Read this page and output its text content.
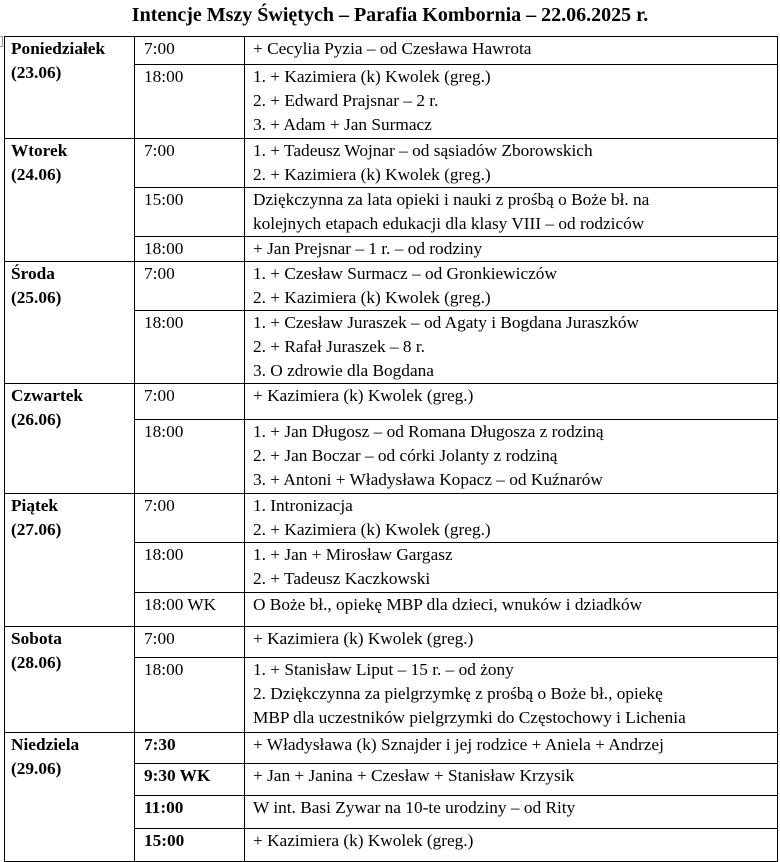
Intencje Mszy Świętych – Parafia Kombornia – 22.06.2025 r.
Poniedziałek
(23.06)	7:00	+ Cecylia Pyzia – od Czesława Hawrota

	18:00	1. + Kazimiera (k) Kwolek (greg.)
2. + Edward Prajsnar – 2 r.
3. + Adam + Jan Surmacz

Wtorek
(24.06)	7:00	1. + Tadeusz Wojnar – od sąsiadów Zborowskich
2. + Kazimiera (k) Kwolek (greg.)

	15:00	Dziękczynna za lata opieki i nauki z prośbą o Boże bł. na
kolejnych etapach edukacji dla klasy VIII – od rodziców

	18:00	+ Jan Prejsnar – 1 r. – od rodziny

Środa
(25.06)	7:00	1. + Czesław Surmacz – od Gronkiewiczów
2. + Kazimiera (k) Kwolek (greg.)

	18:00	1. + Czesław Juraszek – od Agaty i Bogdana Juraszków
2. + Rafał Juraszek – 8 r.
3. O zdrowie dla Bogdana

Czwartek
(26.06)	7:00	+ Kazimiera (k) Kwolek (greg.)

	18:00	1. + Jan Długosz – od Romana Długosza z rodziną
2. + Jan Boczar – od córki Jolanty z rodziną
3. + Antoni + Władysława Kopacz – od Kuźnarów

Piątek
(27.06)	7:00	1. Intronizacja
2. + Kazimiera (k) Kwolek (greg.)

	18:00	1. + Jan + Mirosław Gargasz
2. + Tadeusz Kaczkowski

	18:00 WK	O Boże bł., opiekę MBP dla dzieci, wnuków i dziadków

Sobota
(28.06)	7:00	+ Kazimiera (k) Kwolek (greg.)

	18:00	1. + Stanisław Liput – 15 r. – od żony
2. Dziękczynna za pielgrzymkę z prośbą o Boże bł., opiekę
MBP dla uczestników pielgrzymki do Częstochowy i Lichenia

Niedziela
(29.06)	7:30	+ Władysława (k) Sznajder i jej rodzice + Aniela + Andrzej

	9:30 WK	+ Jan + Janina + Czesław + Stanisław Krzysik

	11:00	W int. Basi Zywar na 10-te urodziny – od Rity

	15:00	+ Kazimiera (k) Kwolek (greg.)
